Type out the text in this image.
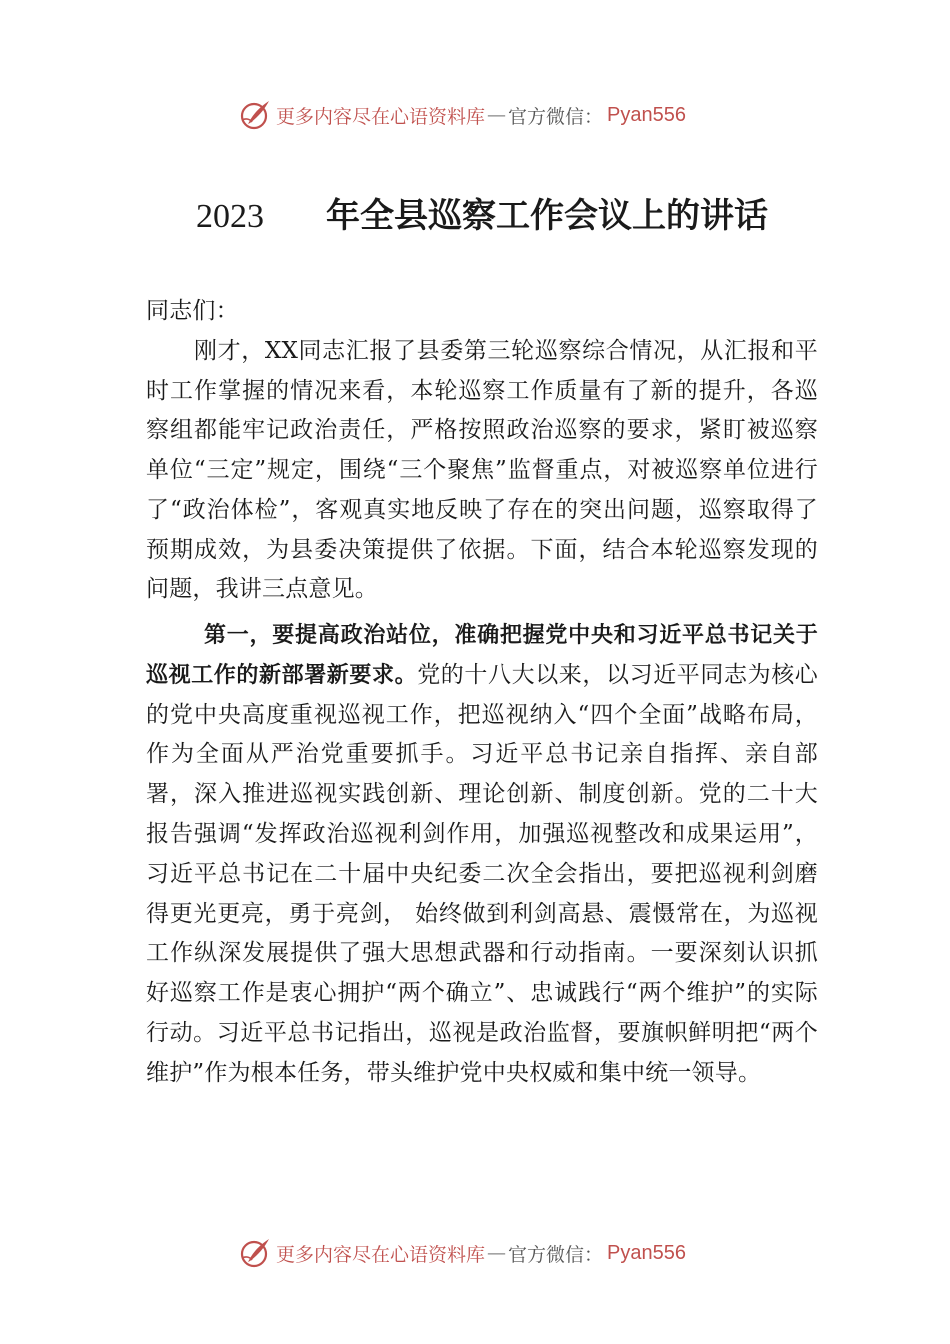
更多内容尽在心语资料库 — 官方微信： Pyan556
2023 年全县巡察工作会议上的讲话
同志们：
刚才，XX同志汇报了县委第三轮巡察综合情况，从汇报和平时工作掌握的情况来看，本轮巡察工作质量有了新的提升，各巡察组都能牢记政治责任，严格按照政治巡察的要求，紧盯被巡察单位“三定”规定，围绕“三个聚焦”监督重点，对被巡察单位进行了“政治体检”，客观真实地反映了存在的突出问题，巡察取得了预期成效，为县委决策提供了依据。下面，结合本轮巡察发现的问题，我讲三点意见。
第一，要提高政治站位，准确把握党中央和习近平总书记关于巡视工作的新部署新要求。党的十八大以来，以习近平同志为核心的党中央高度重视巡视工作，把巡视纳入“四个全面”战略布局，作为全面从严治党重要抓手。习近平总书记亲自指挥、亲自部署，深入推进巡视实践创新、理论创新、制度创新。党的二十大报告强调“发挥政治巡视利剑作用，加强巡视整改和成果运用”，习近平总书记在二十届中央纪委二次全会指出，要把巡视利剑磨得更光更亮，勇于亮剑， 始终做到利剑高悬、震慑常在，为巡视工作纵深发展提供了强大思想武器和行动指南。一要深刻认识抓好巡察工作是衷心拥护“两个确立”、忠诚践行“两个维护”的实际行动。习近平总书记指出，巡视是政治监督，要旗帜鲜明把“两个维护”作为根本任务，带头维护党中央权威和集中统一领导。
更多内容尽在心语资料库 — 官方微信： Pyan556
